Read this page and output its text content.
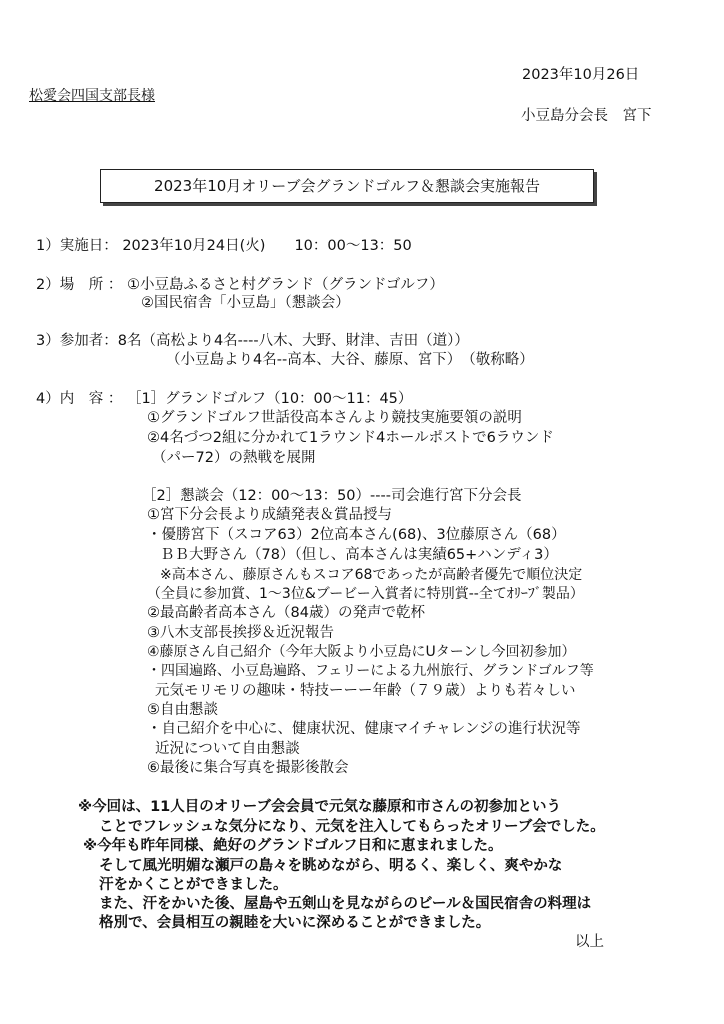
2023年10月26日
松愛会四国支部長様
小豆島分会長　宮下
2023年10月オリーブ会グランドゴルフ＆懇談会実施報告
1）実施日： 2023年10月24日(火)　　10：00～13：50
2）場　所 ： ①小豆島ふるさと村グランド（グランドゴルフ）
②国民宿舎「小豆島」（懇談会）
3）参加者：8名（高松より4名----八木、大野、財津、吉田（道））
（小豆島より4名--高本、大谷、藤原、宮下）　（敬称略）
4）内　容 ： ［1］グランドゴルフ（10：00～11：45）
①グランドゴルフ世話役高本さんより競技実施要領の説明
②4名づつ2組に分かれて1ラウンド4ホールポストで6ラウンド
（パー72）の熱戦を展開
［2］懇談会（12：00～13：50）----司会進行宮下分会長
①宮下分会長より成績発表＆賞品授与
・優勝宮下（スコア63）2位高本さん(68)、3位藤原さん（68）
ＢＢ大野さん（78）（但し、高本さんは実績65+ハンディ3）
※高本さん、藤原さんもスコア68であったが高齢者優先で順位決定
（全員に参加賞、1～3位&ブービー入賞者に特別賞--全てｵﾘｰﾌﾞ製品）
②最高齢者高本さん（84歳）の発声で乾杯
③八木支部長挨拶＆近況報告
④藤原さん自己紹介（今年大阪より小豆島にUターンし今回初参加）
・四国遍路、小豆島遍路、フェリーによる九州旅行、グランドゴルフ等
元気モリモリの趣味・特技ーーー年齢（７９歳）よりも若々しい
⑤自由懇談
・自己紹介を中心に、健康状況、健康マイチャレンジの進行状況等
近況について自由懇談
⑥最後に集合写真を撮影後散会
※今回は、11人目のオリーブ会会員で元気な藤原和市さんの初参加という
ことでフレッシュな気分になり、元気を注入してもらったオリーブ会でした。
※今年も昨年同様、絶好のグランドゴルフ日和に恵まれました。
そして風光明媚な瀬戸の島々を眺めながら、明るく、楽しく、爽やかな
汗をかくことができました。
また、汗をかいた後、屋島や五剣山を見ながらのビール＆国民宿舎の料理は
格別で、会員相互の親睦を大いに深めることができました。
以上
